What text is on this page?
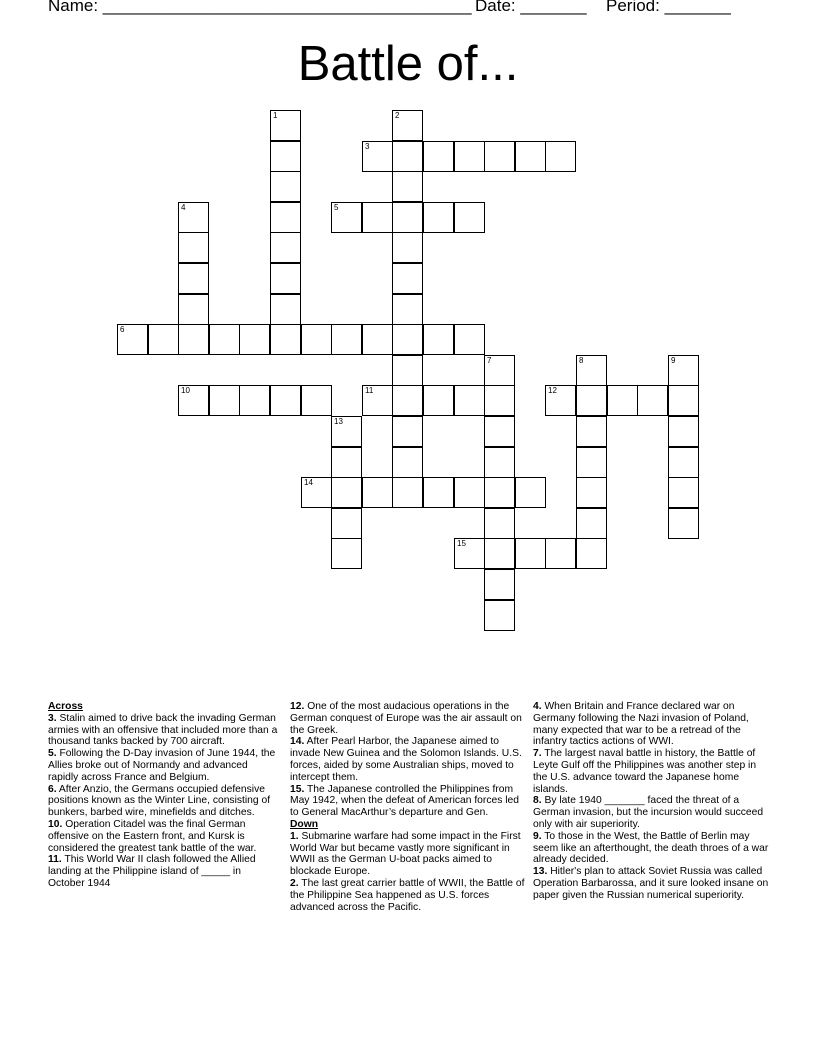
Name: _______________________________________ Date: _______ Period: _______
Battle of...
1	2
3
4	5
6
7	8	9
10	11	12
13
14
15
Across

3. Stalin aimed to drive back the invading German armies with an offensive that included more than a thousand tanks backed by 700 aircraft.

5. Following the D-Day invasion of June 1944, the Allies broke out of Normandy and advanced rapidly across France and Belgium.

6. After Anzio, the Germans occupied defensive positions known as the Winter Line, consisting of bunkers, barbed wire, minefields and ditches.

10. Operation Citadel was the final German offensive on the Eastern front, and Kursk is considered the greatest tank battle of the war.

11. This World War II clash followed the Allied landing at the Philippine island of _____ in October 1944

12. One of the most audacious operations in the German conquest of Europe was the air assault on the Greek.

14. After Pearl Harbor, the Japanese aimed to invade New Guinea and the Solomon Islands. U.S. forces, aided by some Australian ships, moved to intercept them.

15. The Japanese controlled the Philippines from May 1942, when the defeat of American forces led to General MacArthur’s departure and Gen.

Down

1. Submarine warfare had some impact in the First World War but became vastly more significant in WWII as the German U-boat packs aimed to blockade Europe.

2. The last great carrier battle of WWII, the Battle of the Philippine Sea happened as U.S. forces advanced across the Pacific.

4. When Britain and France declared war on Germany following the Nazi invasion of Poland, many expected that war to be a retread of the infantry tactics actions of WWI.

7. The largest naval battle in history, the Battle of Leyte Gulf off the Philippines was another step in the U.S. advance toward the Japanese home islands.

8. By late 1940 _______ faced the threat of a German invasion, but the incursion would succeed only with air superiority.

9. To those in the West, the Battle of Berlin may seem like an afterthought, the death throes of a war already decided.

13. Hitler's plan to attack Soviet Russia was called Operation Barbarossa, and it sure looked insane on paper given the Russian numerical superiority.
